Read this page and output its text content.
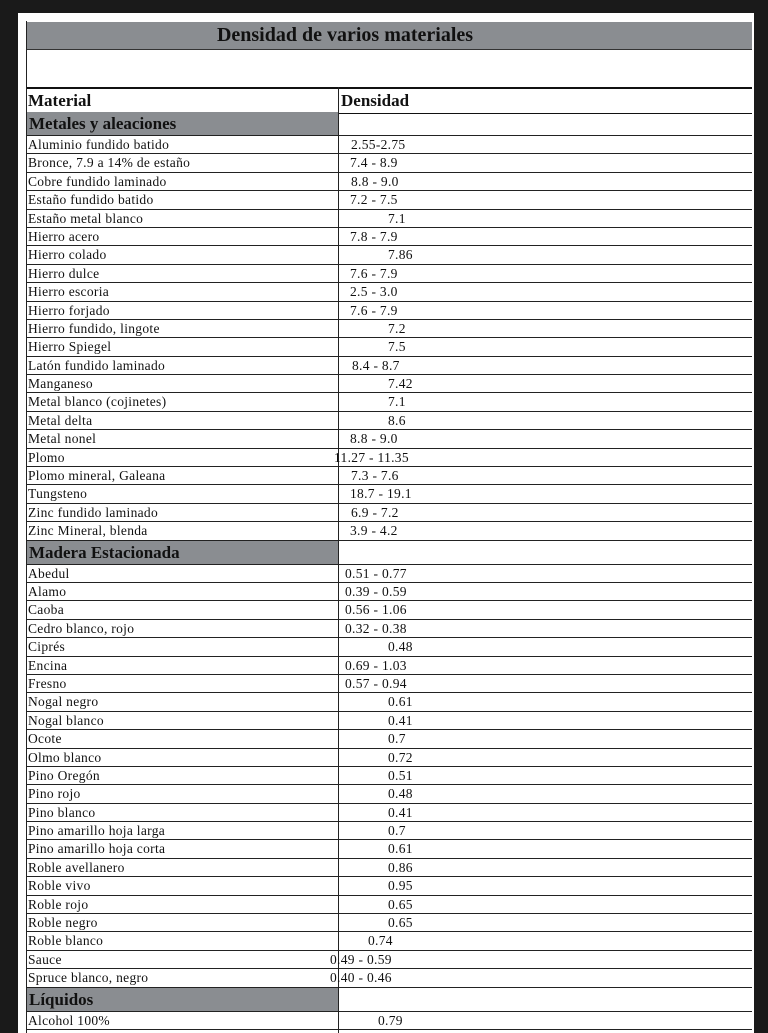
Densidad de varios materiales
Material	Densidad
Metales y aleaciones
Aluminio fundido batido	2.55-2.75
Bronce, 7.9 a 14% de estaño	7.4 - 8.9
Cobre fundido laminado	8.8 - 9.0
Estaño fundido batido	7.2 - 7.5
Estaño metal blanco	7.1
Hierro acero	7.8 - 7.9
Hierro colado	7.86
Hierro dulce	7.6 - 7.9
Hierro escoria	2.5 - 3.0
Hierro forjado	7.6 - 7.9
Hierro fundido, lingote	7.2
Hierro Spiegel	7.5
Latón fundido laminado	8.4 - 8.7
Manganeso	7.42
Metal blanco (cojinetes)	7.1
Metal delta	8.6
Metal nonel	8.8 - 9.0
Plomo	11.27 - 11.35
Plomo mineral, Galeana	7.3 - 7.6
Tungsteno	18.7 - 19.1
Zinc fundido laminado	6.9 - 7.2
Zinc Mineral, blenda	3.9 - 4.2
Madera Estacionada
Abedul	0.51 - 0.77
Alamo	0.39 - 0.59
Caoba	0.56 - 1.06
Cedro blanco, rojo	0.32 - 0.38
Ciprés	0.48
Encina	0.69 - 1.03
Fresno	0.57 - 0.94
Nogal negro	0.61
Nogal blanco	0.41
Ocote	0.7
Olmo blanco	0.72
Pino Oregón	0.51
Pino rojo	0.48
Pino blanco	0.41
Pino amarillo hoja larga	0.7
Pino amarillo hoja corta	0.61
Roble avellanero	0.86
Roble vivo	0.95
Roble rojo	0.65
Roble negro	0.65
Roble blanco	0.74
Sauce	0.49 - 0.59
Spruce blanco, negro	0.40 - 0.46
Líquidos
Alcohol 100%	0.79
